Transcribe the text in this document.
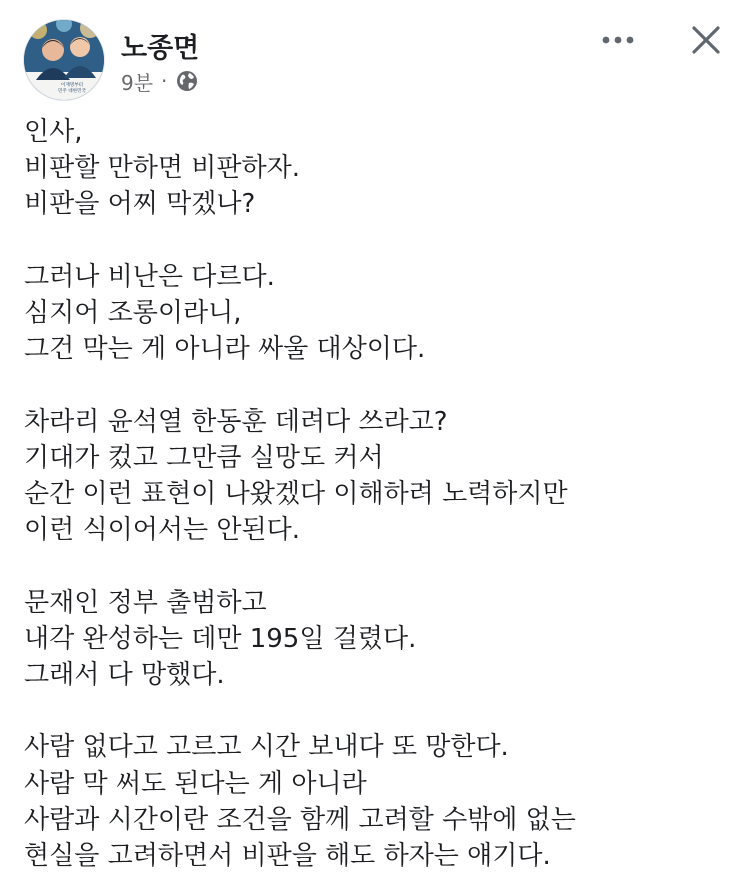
이재명부터
민주 대한민국
노종면
9분 ·
인사,
비판할 만하면 비판하자.
비판을 어찌 막겠나?
그러나 비난은 다르다.
심지어 조롱이라니,
그건 막는 게 아니라 싸울 대상이다.
차라리 윤석열 한동훈 데려다 쓰라고?
기대가 컸고 그만큼 실망도 커서
순간 이런 표현이 나왔겠다 이해하려 노력하지만
이런 식이어서는 안된다.
문재인 정부 출범하고
내각 완성하는 데만 195일 걸렸다.
그래서 다 망했다.
사람 없다고 고르고 시간 보내다 또 망한다.
사람 막 써도 된다는 게 아니라
사람과 시간이란 조건을 함께 고려할 수밖에 없는
현실을 고려하면서 비판을 해도 하자는 얘기다.
